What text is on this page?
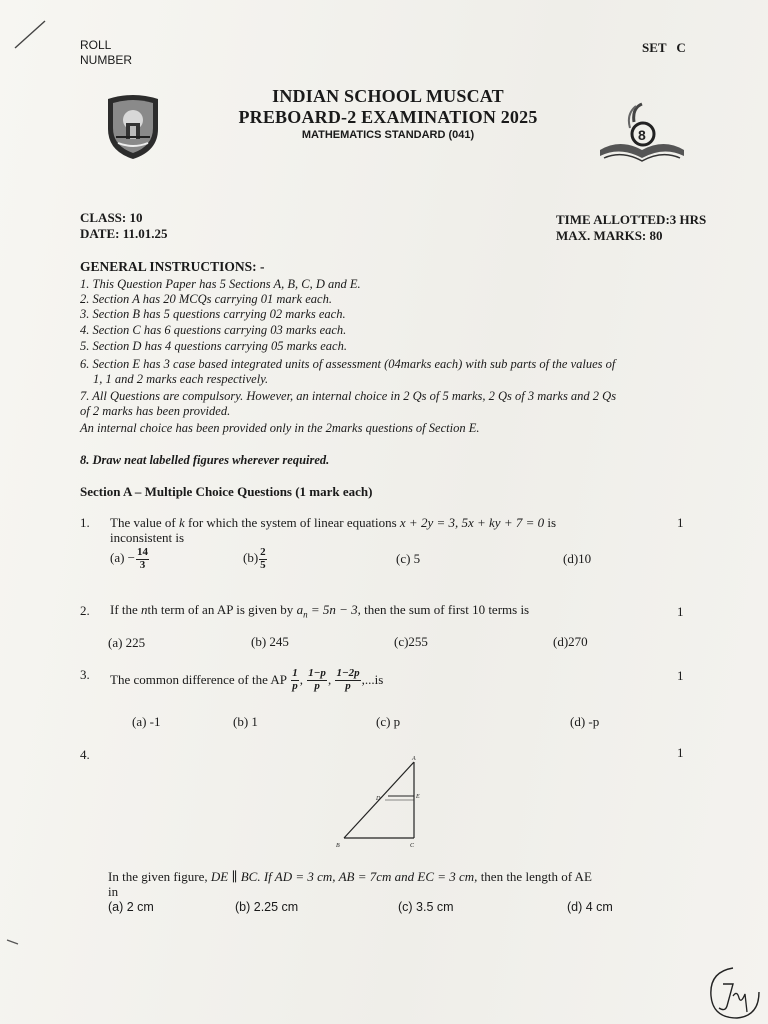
ROLL
NUMBER
SET C
INDIAN SCHOOL MUSCAT
PREBOARD-2 EXAMINATION 2025
MATHEMATICS STANDARD (041)	8
CLASS: 10
DATE: 11.01.25
TIME ALLOTTED:3 HRS
MAX. MARKS: 80
GENERAL INSTRUCTIONS: -
1. This Question Paper has 5 Sections A, B, C, D and E.
2. Section A has 20 MCQs carrying 01 mark each.
3. Section B has 5 questions carrying 02 marks each.
4. Section C has 6 questions carrying 03 marks each.
5. Section D has 4 questions carrying 05 marks each.
6. Section E has 3 case based integrated units of assessment (04marks each) with sub parts of the values of
1, 1 and 2 marks each respectively.
7. All Questions are compulsory. However, an internal choice in 2 Qs of 5 marks, 2 Qs of 3 marks and 2 Qs
of 2 marks has been provided.
An internal choice has been provided only in the 2marks questions of Section E.
8. Draw neat labelled figures wherever required.
Section A – Multiple Choice Questions (1 mark each)
1. The value of k for which the system of linear equations x + 2y = 3, 5x + ky + 7 = 0 is
inconsistent is
1
$(a) - \frac{14}{3}$	$(b) \frac{2}{5}$	(c) 5	(d)10
2. If the nth term of an AP is given by $a_n = 5n - 3$, then the sum of first 10 terms is	1
(a) 225	(b) 245	(c)255	(d)270
3. The common difference of the AP $\frac{1}{p}$ , $\frac{1-p}{p}$ , $\frac{1-2p}{p} ,...is$	1
(a) -1	(b) 1	(c) p	(d) -p
4.	1
A
B	C
D	E
In the given figure, DE ∥ BC. If AD = 3 cm, AB = 7cm and EC = 3 cm, then the length of AE
in
(a) 2 cm	(b) 2.25 cm	(c) 3.5 cm	(d) 4 cm
